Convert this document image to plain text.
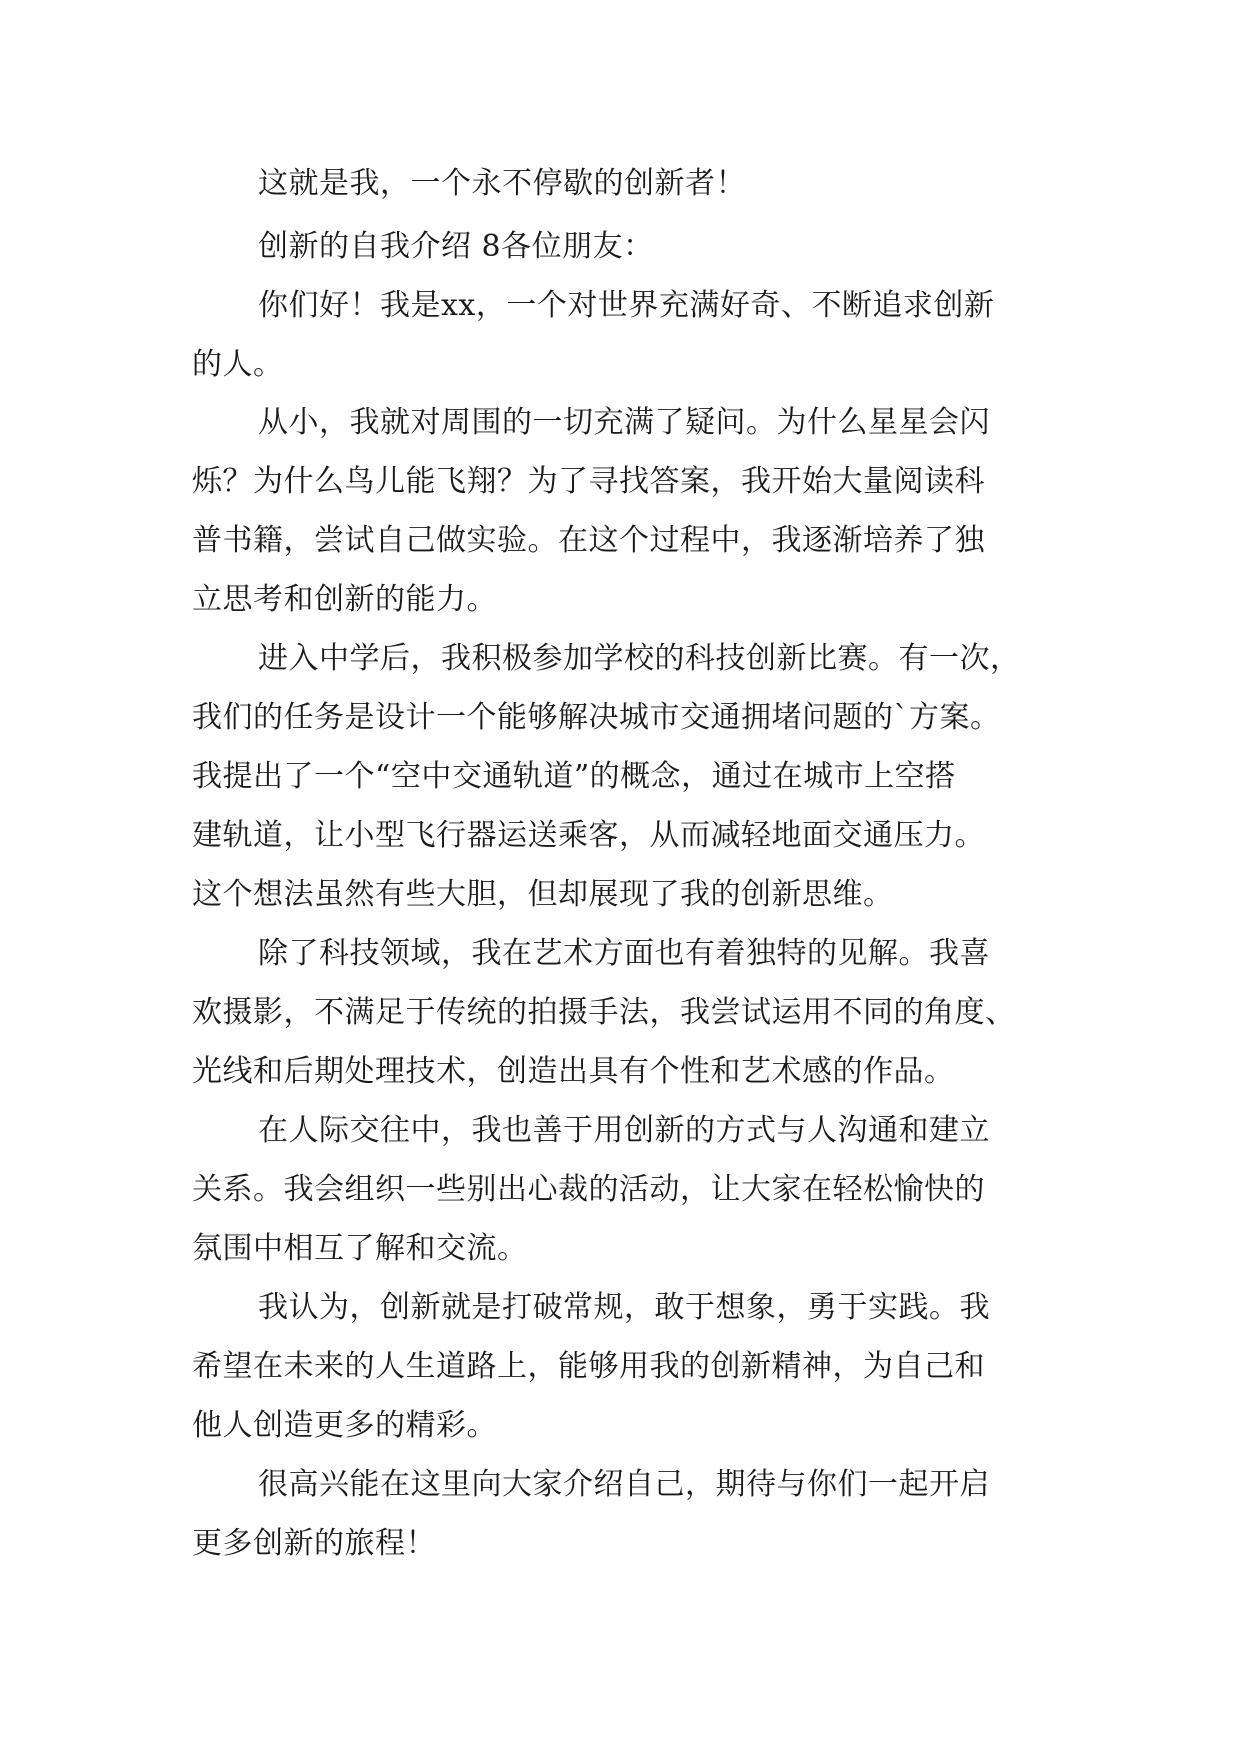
这就是我，一个永不停歇的创新者！
创新的自我介绍 8各位朋友：
你们好！我是xx，一个对世界充满好奇、不断追求创新
的人。
从小，我就对周围的一切充满了疑问。为什么星星会闪
烁？为什么鸟儿能飞翔？为了寻找答案，我开始大量阅读科
普书籍，尝试自己做实验。在这个过程中，我逐渐培养了独
立思考和创新的能力。
进入中学后，我积极参加学校的科技创新比赛。有一次，
我们的任务是设计一个能够解决城市交通拥堵问题的`方案。
我提出了一个“空中交通轨道”的概念，通过在城市上空搭
建轨道，让小型飞行器运送乘客，从而减轻地面交通压力。
这个想法虽然有些大胆，但却展现了我的创新思维。
除了科技领域，我在艺术方面也有着独特的见解。我喜
欢摄影，不满足于传统的拍摄手法，我尝试运用不同的角度、
光线和后期处理技术，创造出具有个性和艺术感的作品。
在人际交往中，我也善于用创新的方式与人沟通和建立
关系。我会组织一些别出心裁的活动，让大家在轻松愉快的
氛围中相互了解和交流。
我认为，创新就是打破常规，敢于想象，勇于实践。我
希望在未来的人生道路上，能够用我的创新精神，为自己和
他人创造更多的精彩。
很高兴能在这里向大家介绍自己，期待与你们一起开启
更多创新的旅程！
